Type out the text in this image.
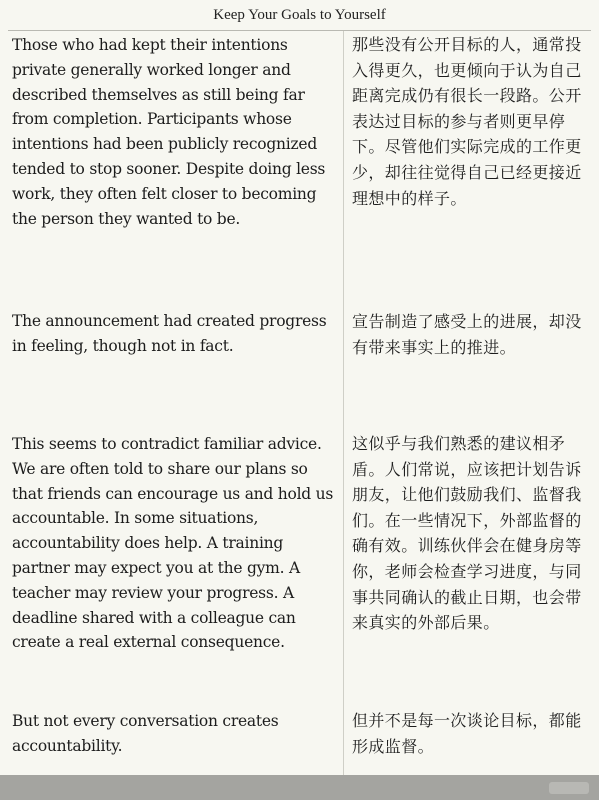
Keep Your Goals to Yourself

Those who had kept their intentions private generally worked longer and described themselves as still being far from completion. Participants whose intentions had been publicly recognized tended to stop sooner. Despite doing less work, they often felt closer to becoming the person they wanted to be.

那些没有公开目标的人，通常投入得更久，也更倾向于认为自己距离完成仍有很长一段路。公开表达过目标的参与者则更早停下。尽管他们实际完成的工作更少，却往往觉得自己已经更接近理想中的样子。

The announcement had created progress in feeling, though not in fact.

宣告制造了感受上的进展，却没有带来事实上的推进。

This seems to contradict familiar advice. We are often told to share our plans so that friends can encourage us and hold us accountable. In some situations, accountability does help. A training partner may expect you at the gym. A teacher may review your progress. A deadline shared with a colleague can create a real external consequence.

这似乎与我们熟悉的建议相矛盾。人们常说，应该把计划告诉朋友，让他们鼓励我们、监督我们。在一些情况下，外部监督的确有效。训练伙伴会在健身房等你，老师会检查学习进度，与同事共同确认的截止日期，也会带来真实的外部后果。

But not every conversation creates accountability.

但并不是每一次谈论目标，都能形成监督。
